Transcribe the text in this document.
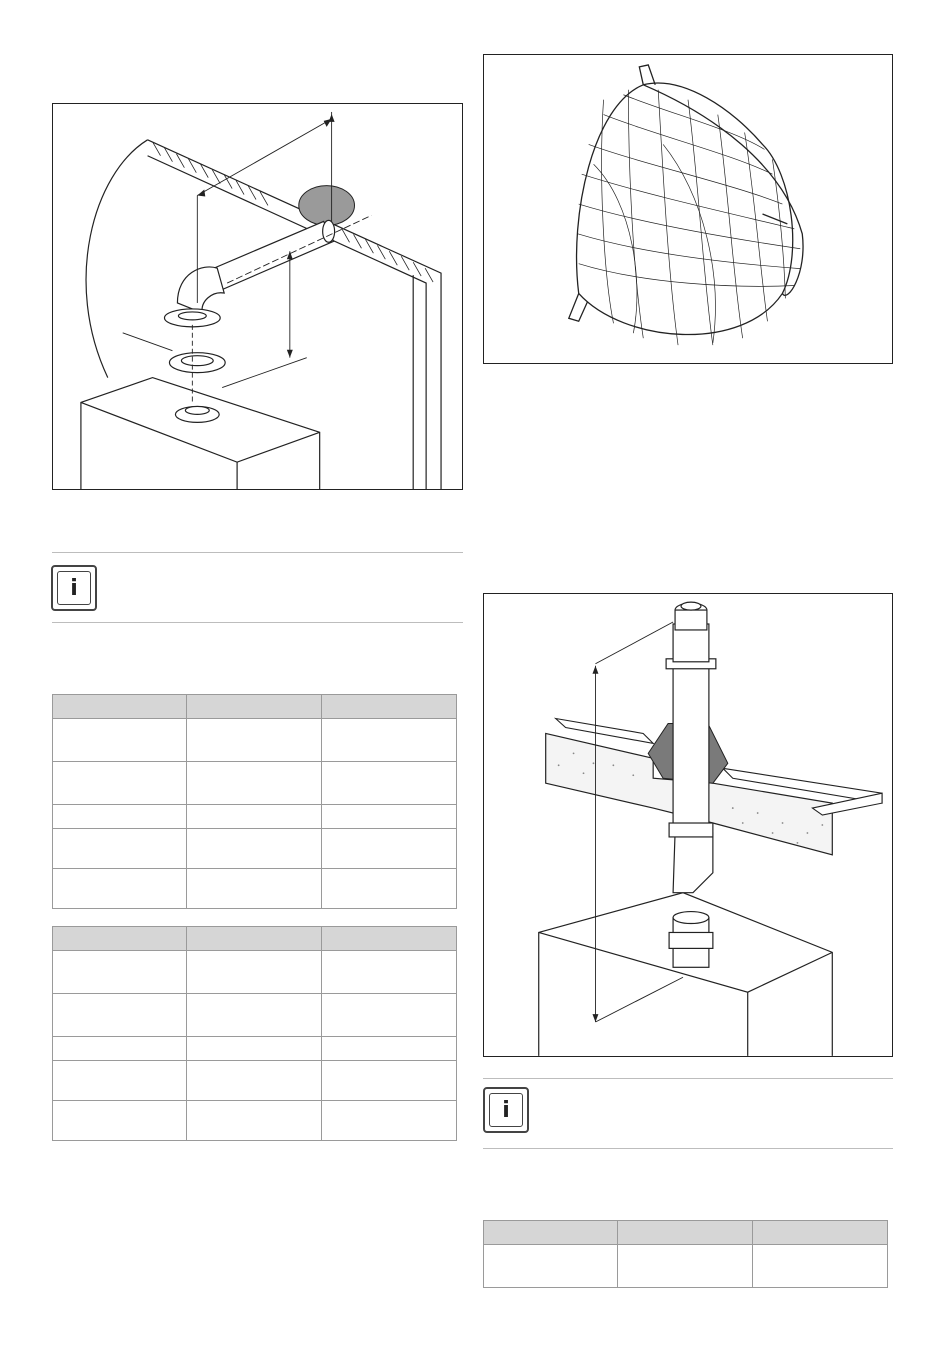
i

i
